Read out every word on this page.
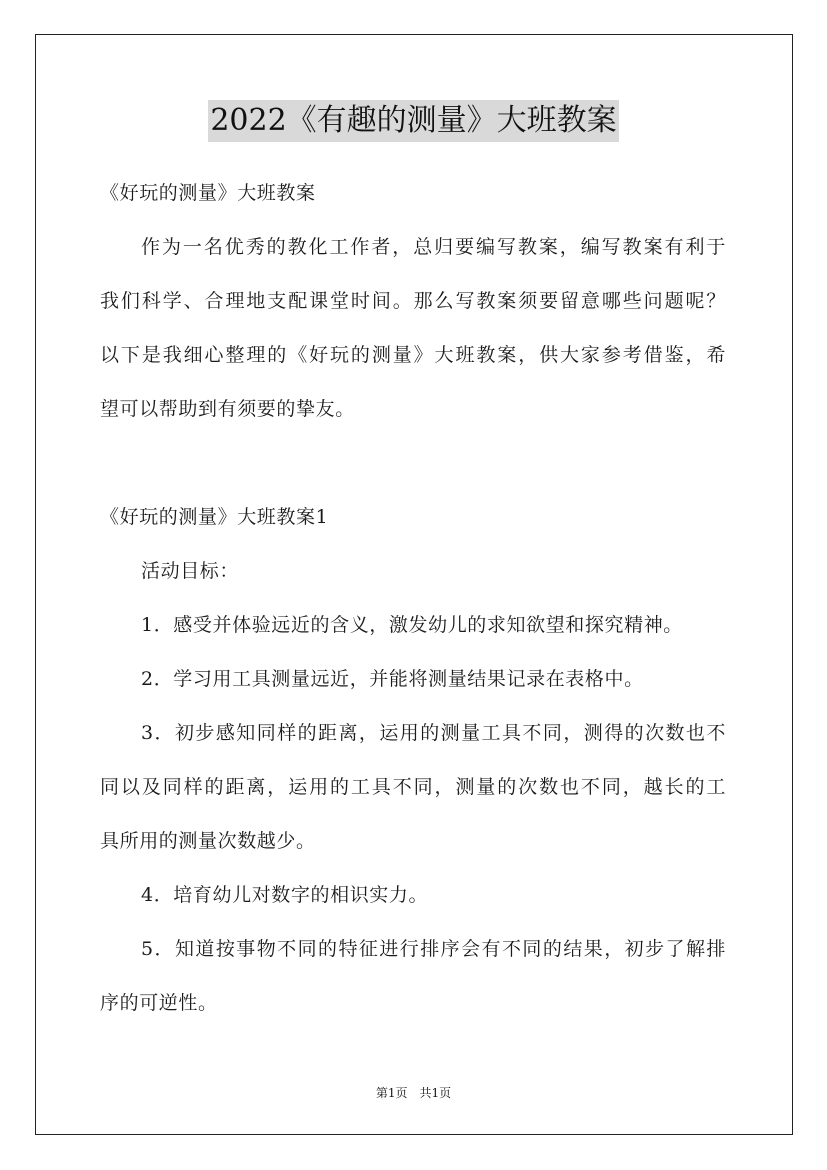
2022《有趣的测量》大班教案
《好玩的测量》大班教案
作为一名优秀的教化工作者，总归要编写教案，编写教案有利于
我们科学、合理地支配课堂时间。那么写教案须要留意哪些问题呢？
以下是我细心整理的《好玩的测量》大班教案，供大家参考借鉴，希
望可以帮助到有须要的挚友。
《好玩的测量》大班教案1
活动目标：
1．感受并体验远近的含义，激发幼儿的求知欲望和探究精神。
2．学习用工具测量远近，并能将测量结果记录在表格中。
3．初步感知同样的距离，运用的测量工具不同，测得的次数也不
同以及同样的距离，运用的工具不同，测量的次数也不同，越长的工
具所用的测量次数越少。
4．培育幼儿对数字的相识实力。
5．知道按事物不同的特征进行排序会有不同的结果，初步了解排
序的可逆性。
第1页　共1页
